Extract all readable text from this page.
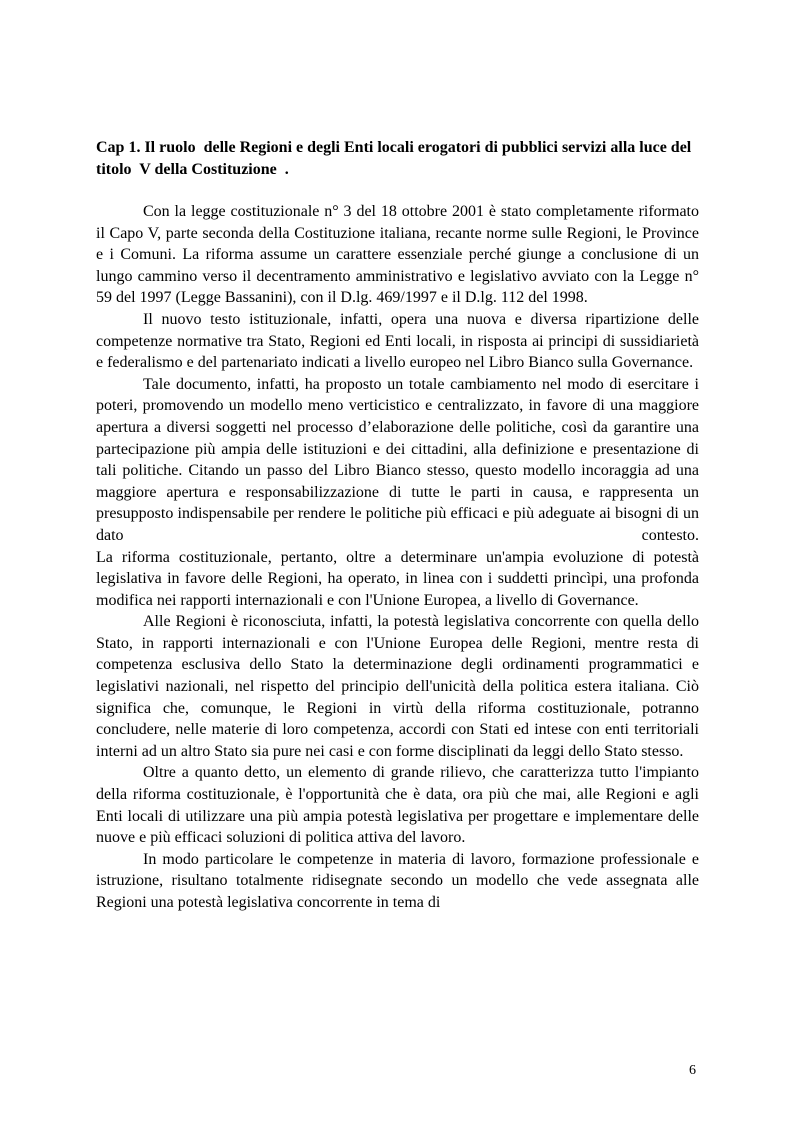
Cap 1. Il ruolo  delle Regioni e degli Enti locali erogatori di pubblici servizi alla luce del titolo  V della Costituzione  .

Con la legge costituzionale n° 3 del 18 ottobre 2001 è stato completamente riformato il Capo V, parte seconda della Costituzione italiana, recante norme sulle Regioni, le Province e i Comuni. La riforma assume un carattere essenziale perché giunge a conclusione di un lungo cammino verso il decentramento amministrativo e legislativo avviato con la Legge n° 59 del 1997 (Legge Bassanini), con il D.lg. 469/1997 e il D.lg. 112 del 1998.

Il nuovo testo istituzionale, infatti, opera una nuova e diversa ripartizione delle competenze normative tra Stato, Regioni ed Enti locali, in risposta ai principi di sussidiarietà e federalismo e del partenariato indicati a livello europeo nel Libro Bianco sulla Governance.

Tale documento, infatti, ha proposto un totale cambiamento nel modo di esercitare i poteri, promovendo un modello meno verticistico e centralizzato, in favore di una maggiore apertura a diversi soggetti nel processo d’elaborazione delle politiche, così da garantire una partecipazione più ampia delle istituzioni e dei cittadini, alla definizione e presentazione di tali politiche. Citando un passo del Libro Bianco stesso, questo modello incoraggia ad una maggiore apertura e responsabilizzazione di tutte le parti in causa, e rappresenta un presupposto indispensabile per rendere le politiche più efficaci e più adeguate ai bisogni di un dato contesto.

La riforma costituzionale, pertanto, oltre a determinare un'ampia evoluzione di potestà legislativa in favore delle Regioni, ha operato, in linea con i suddetti princìpi, una profonda modifica nei rapporti internazionali e con l'Unione Europea, a livello di Governance.

Alle Regioni è riconosciuta, infatti, la potestà legislativa concorrente con quella dello Stato, in rapporti internazionali e con l'Unione Europea delle Regioni, mentre resta di competenza esclusiva dello Stato la determinazione degli ordinamenti programmatici e legislativi nazionali, nel rispetto del principio dell'unicità della politica estera italiana. Ciò significa che, comunque, le Regioni in virtù della riforma costituzionale, potranno concludere, nelle materie di loro competenza, accordi con Stati ed intese con enti territoriali interni ad un altro Stato sia pure nei casi e con forme disciplinati da leggi dello Stato stesso.

Oltre a quanto detto, un elemento di grande rilievo, che caratterizza tutto l'impianto della riforma costituzionale, è l'opportunità che è data, ora più che mai, alle Regioni e agli Enti locali di utilizzare una più ampia potestà legislativa per progettare e implementare delle nuove e più efficaci soluzioni di politica attiva del lavoro.

In modo particolare le competenze in materia di lavoro, formazione professionale e istruzione, risultano totalmente ridisegnate secondo un modello che vede assegnata alle Regioni una potestà legislativa concorrente in tema di

6
